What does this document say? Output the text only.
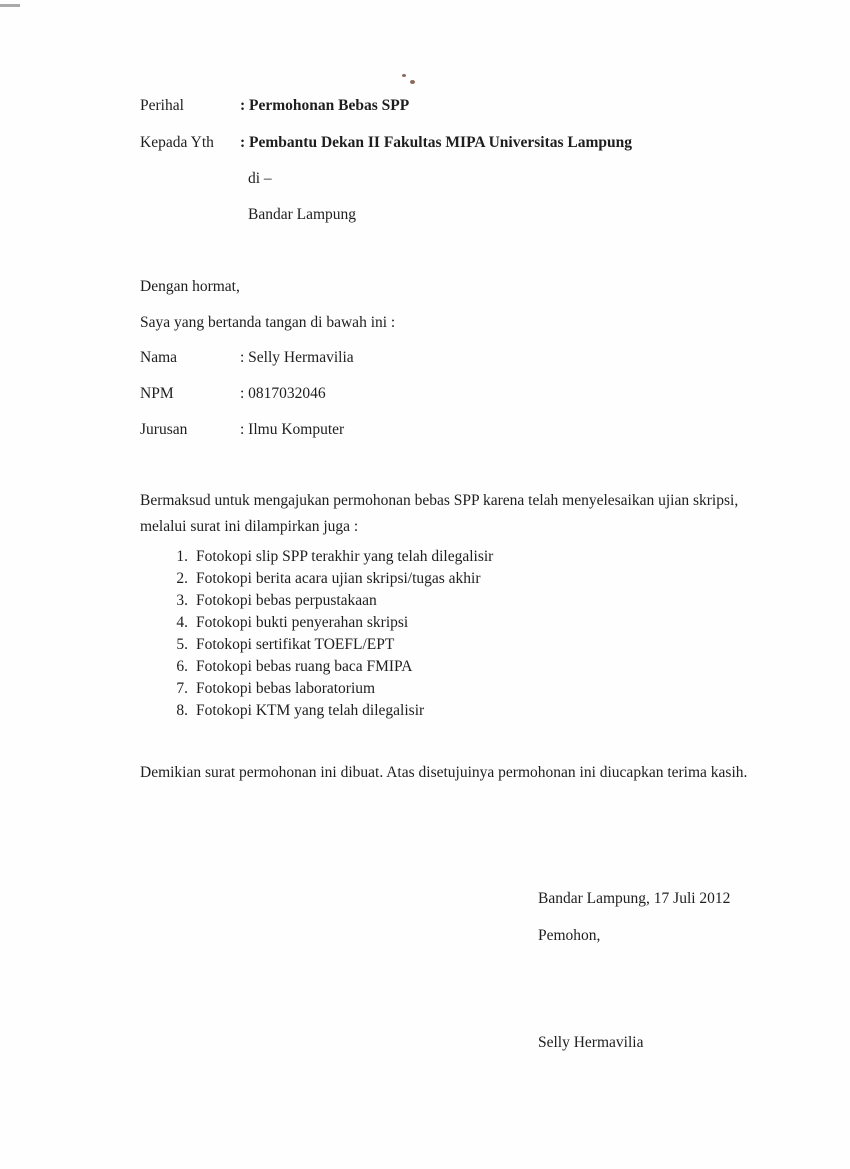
Perihal	: Permohonan Bebas SPP
Kepada Yth : Pembantu Dekan II Fakultas MIPA Universitas Lampung
di –
Bandar Lampung
Dengan hormat,
Saya yang bertanda tangan di bawah ini :
Nama	: Selly Hermavilia
NPM	: 0817032046
Jurusan	: Ilmu Komputer
Bermaksud untuk mengajukan permohonan bebas SPP karena telah menyelesaikan ujian skripsi, melalui surat ini dilampirkan juga :
1. Fotokopi slip SPP terakhir yang telah dilegalisir
2. Fotokopi berita acara ujian skripsi/tugas akhir
3. Fotokopi bebas perpustakaan
4. Fotokopi bukti penyerahan skripsi
5. Fotokopi sertifikat TOEFL/EPT
6. Fotokopi bebas ruang baca FMIPA
7. Fotokopi bebas laboratorium
8. Fotokopi KTM yang telah dilegalisir
Demikian surat permohonan ini dibuat. Atas disetujuinya permohonan ini diucapkan terima kasih.
Bandar Lampung, 17 Juli 2012
Pemohon,
Selly Hermavilia
